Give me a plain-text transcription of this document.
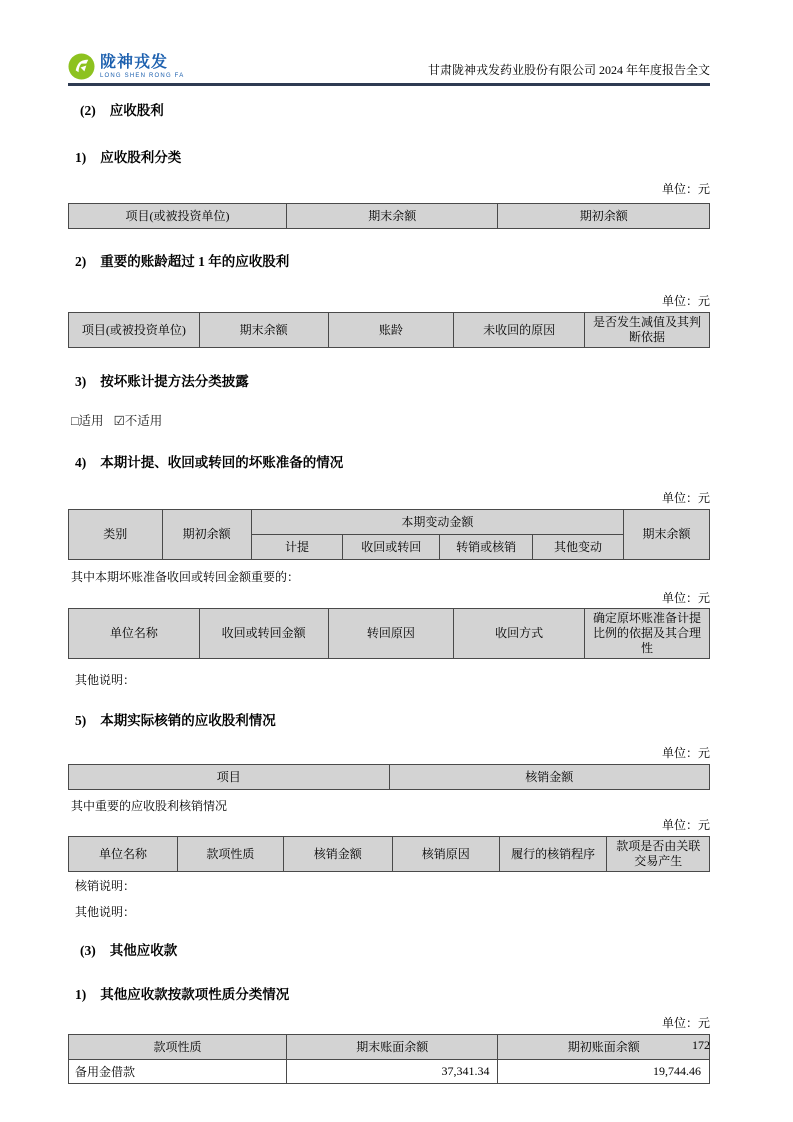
陇神戎发
LONG SHEN RONG FA	甘肃陇神戎发药业股份有限公司 2024 年年度报告全文
(2) 应收股利
1) 应收股利分类
单位：元
项目(或被投资单位)	期末余额	期初余额
2) 重要的账龄超过 1 年的应收股利
单位：元
项目(或被投资单位)	期末余额	账龄	未收回的原因	是否发生减值及其判断依据
3) 按坏账计提方法分类披露
□适用 ☑不适用
4) 本期计提、收回或转回的坏账准备的情况
单位：元
类别	期初余额	本期变动金额				期末余额
		计提	收回或转回	转销或核销	其他变动	
其中本期坏账准备收回或转回金额重要的：
单位：元
单位名称	收回或转回金额	转回原因	收回方式	确定原坏账准备计提比例的依据及其合理性
其他说明：
5) 本期实际核销的应收股利情况
单位：元
项目	核销金额
其中重要的应收股利核销情况
单位：元
单位名称	款项性质	核销金额	核销原因	履行的核销程序	款项是否由关联交易产生
核销说明：
其他说明：
(3) 其他应收款
1) 其他应收款按款项性质分类情况
单位：元
款项性质	期末账面余额	期初账面余额
备用金借款	37,341.34	19,744.46
172
